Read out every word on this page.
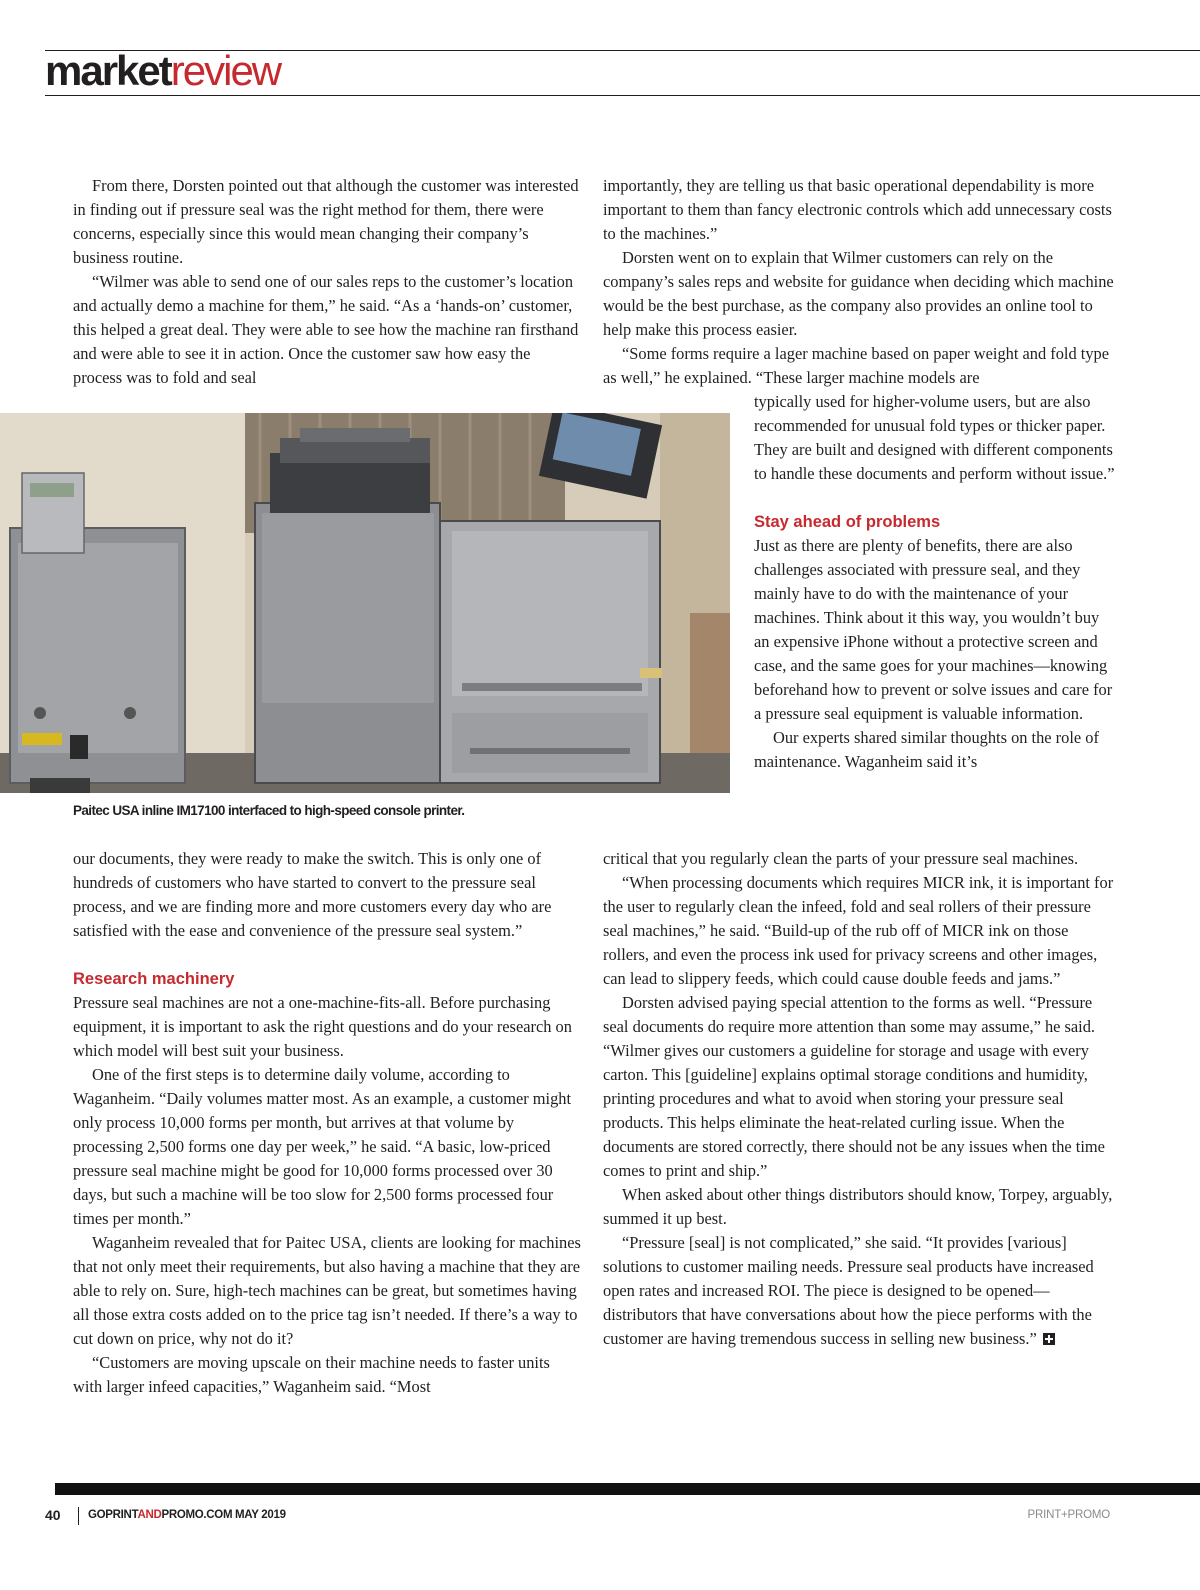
marketreview

From there, Dorsten pointed out that although the customer was interested in finding out if pressure seal was the right method for them, there were concerns, especially since this would mean changing their company’s business routine.

“Wilmer was able to send one of our sales reps to the customer’s location and actually demo a machine for them,” he said. “As a ‘hands-on’ customer, this helped a great deal. They were able to see how the machine ran firsthand and were able to see it in action. Once the customer saw how easy the process was to fold and seal

Paitec USA inline IM17100 interfaced to high-speed console printer.

our documents, they were ready to make the switch. This is only one of hundreds of customers who have started to convert to the pressure seal process, and we are finding more and more customers every day who are satisfied with the ease and convenience of the pressure seal system.”

Research machinery

Pressure seal machines are not a one-machine-fits-all. Before purchasing equipment, it is important to ask the right questions and do your research on which model will best suit your business.

One of the first steps is to determine daily volume, according to Waganheim. “Daily volumes matter most. As an example, a customer might only process 10,000 forms per month, but arrives at that volume by processing 2,500 forms one day per week,” he said. “A basic, low-priced pressure seal machine might be good for 10,000 forms processed over 30 days, but such a machine will be too slow for 2,500 forms processed four times per month.”

Waganheim revealed that for Paitec USA, clients are looking for machines that not only meet their requirements, but also having a machine that they are able to rely on. Sure, high-tech machines can be great, but sometimes having all those extra costs added on to the price tag isn’t needed. If there’s a way to cut down on price, why not do it?

“Customers are moving upscale on their machine needs to faster units with larger infeed capacities,” Waganheim said. “Most

importantly, they are telling us that basic operational dependability is more important to them than fancy electronic controls which add unnecessary costs to the machines.”

Dorsten went on to explain that Wilmer customers can rely on the company’s sales reps and website for guidance when deciding which machine would be the best purchase, as the company also provides an online tool to help make this process easier.

“Some forms require a lager machine based on paper weight and fold type as well,” he explained. “These larger machine models are

typically used for higher-volume users, but are also recommended for unusual fold types or thicker paper. They are built and designed with different components to handle these documents and perform without issue.”

Stay ahead of problems

Just as there are plenty of benefits, there are also challenges associated with pressure seal, and they mainly have to do with the maintenance of your machines. Think about it this way, you wouldn’t buy an expensive iPhone without a protective screen and case, and the same goes for your machines—knowing beforehand how to prevent or solve issues and care for a pressure seal equipment is valuable information.

Our experts shared similar thoughts on the role of maintenance. Waganheim said it’s

critical that you regularly clean the parts of your pressure seal machines.

“When processing documents which requires MICR ink, it is important for the user to regularly clean the infeed, fold and seal rollers of their pressure seal machines,” he said. “Build-up of the rub off of MICR ink on those rollers, and even the process ink used for privacy screens and other images, can lead to slippery feeds, which could cause double feeds and jams.”

Dorsten advised paying special attention to the forms as well. “Pressure seal documents do require more attention than some may assume,” he said. “Wilmer gives our customers a guideline for storage and usage with every carton. This [guideline] explains optimal storage conditions and humidity, printing procedures and what to avoid when storing your pressure seal products. This helps eliminate the heat-related curling issue. When the documents are stored correctly, there should not be any issues when the time comes to print and ship.”

When asked about other things distributors should know, Torpey, arguably, summed it up best.

“Pressure [seal] is not complicated,” she said. “It provides [various] solutions to customer mailing needs. Pressure seal products have increased open rates and increased ROI. The piece is designed to be opened—distributors that have conversations about how the piece performs with the customer are having tremendous success in selling new business.”

40 GOPRINTANDPROMO.COM MAY 2019	PRINT+PROMO
